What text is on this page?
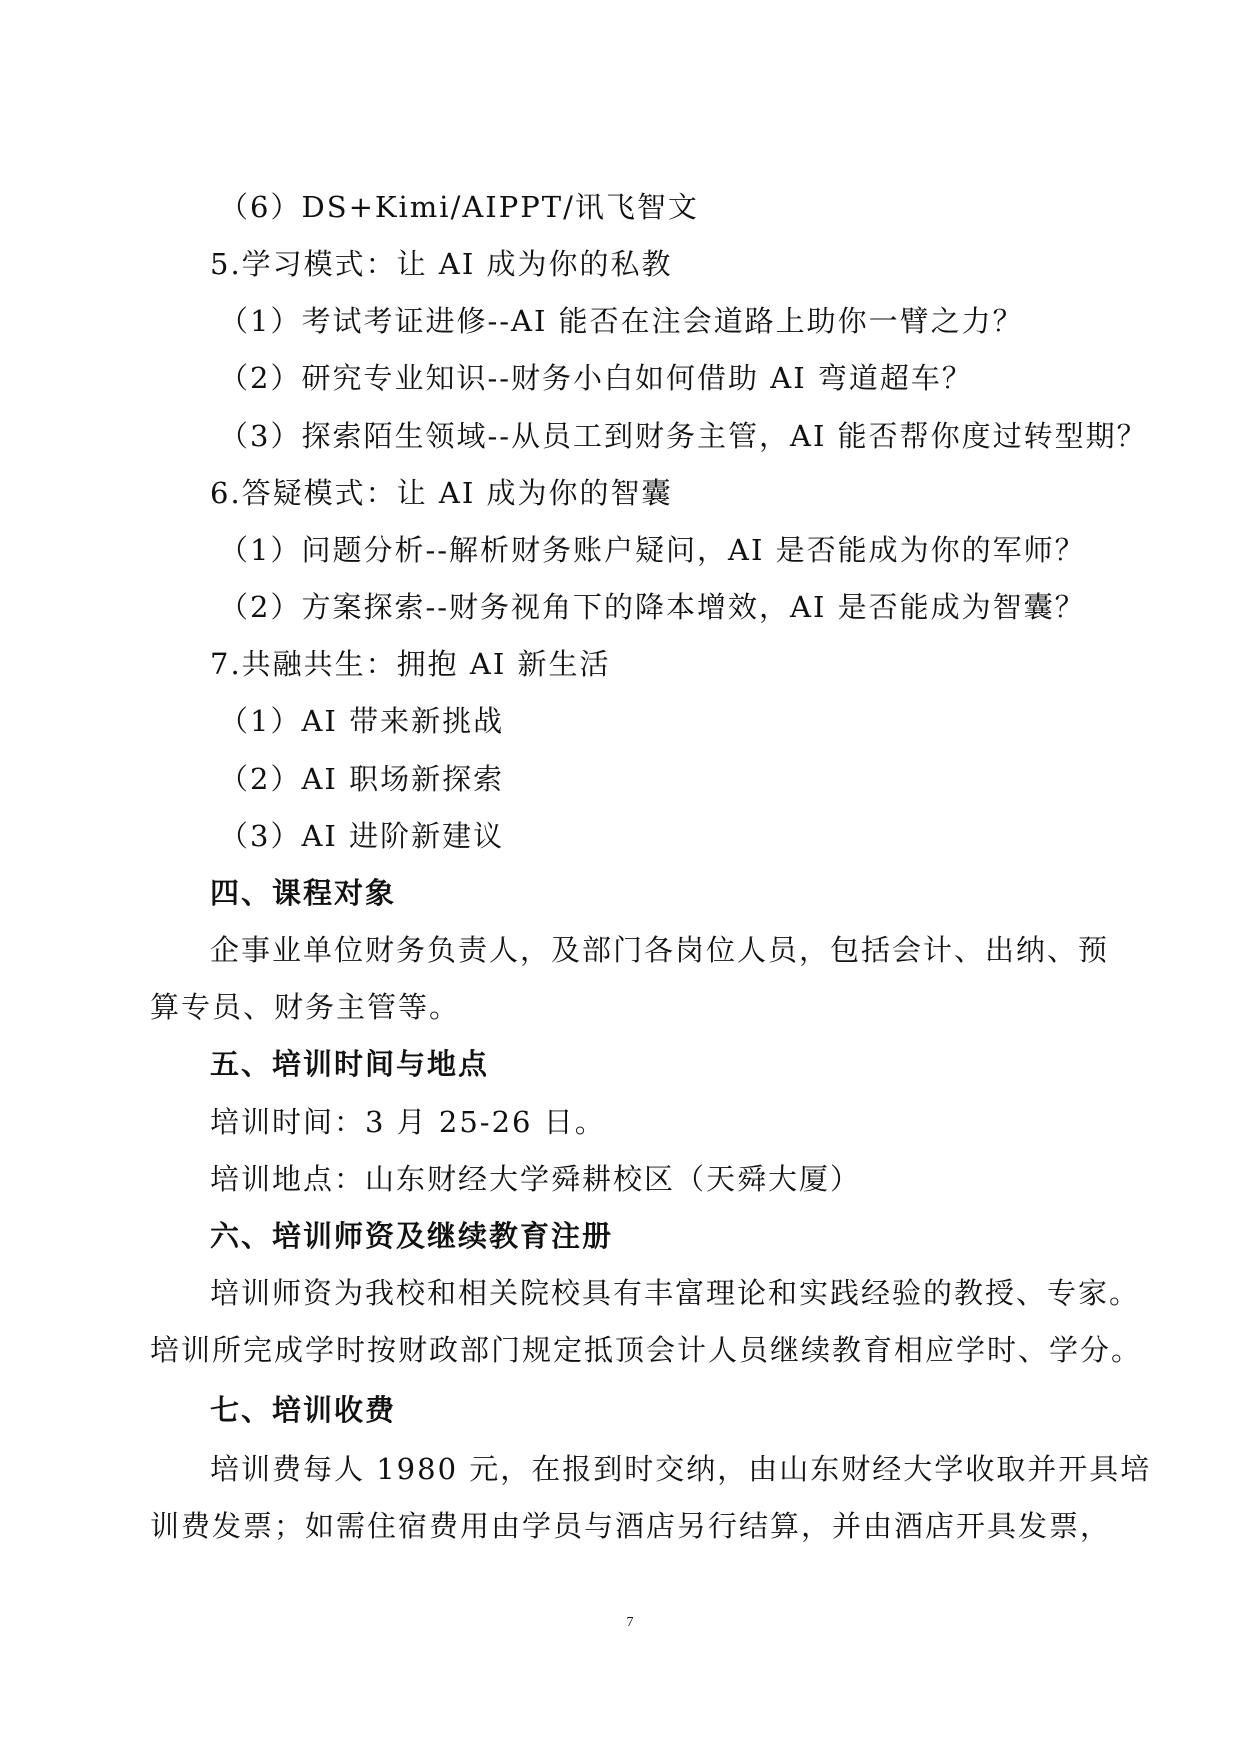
（6）DS+Kimi/AIPPT/讯飞智文
5.学习模式：让 AI 成为你的私教
（1）考试考证进修--AI 能否在注会道路上助你一臂之力？
（2）研究专业知识--财务小白如何借助 AI 弯道超车？
（3）探索陌生领域--从员工到财务主管，AI 能否帮你度过转型期？
6.答疑模式：让 AI 成为你的智囊
（1）问题分析--解析财务账户疑问，AI 是否能成为你的军师？
（2）方案探索--财务视角下的降本增效，AI 是否能成为智囊？
7.共融共生：拥抱 AI 新生活
（1）AI 带来新挑战
（2）AI 职场新探索
（3）AI 进阶新建议
四、课程对象
企事业单位财务负责人，及部门各岗位人员，包括会计、出纳、预
算专员、财务主管等。
五、培训时间与地点
培训时间：3 月 25-26 日。
培训地点：山东财经大学舜耕校区（天舜大厦）
六、培训师资及继续教育注册
培训师资为我校和相关院校具有丰富理论和实践经验的教授、专家。
培训所完成学时按财政部门规定抵顶会计人员继续教育相应学时、学分。
七、培训收费
培训费每人 1980 元，在报到时交纳，由山东财经大学收取并开具培
训费发票；如需住宿费用由学员与酒店另行结算，并由酒店开具发票，
7
